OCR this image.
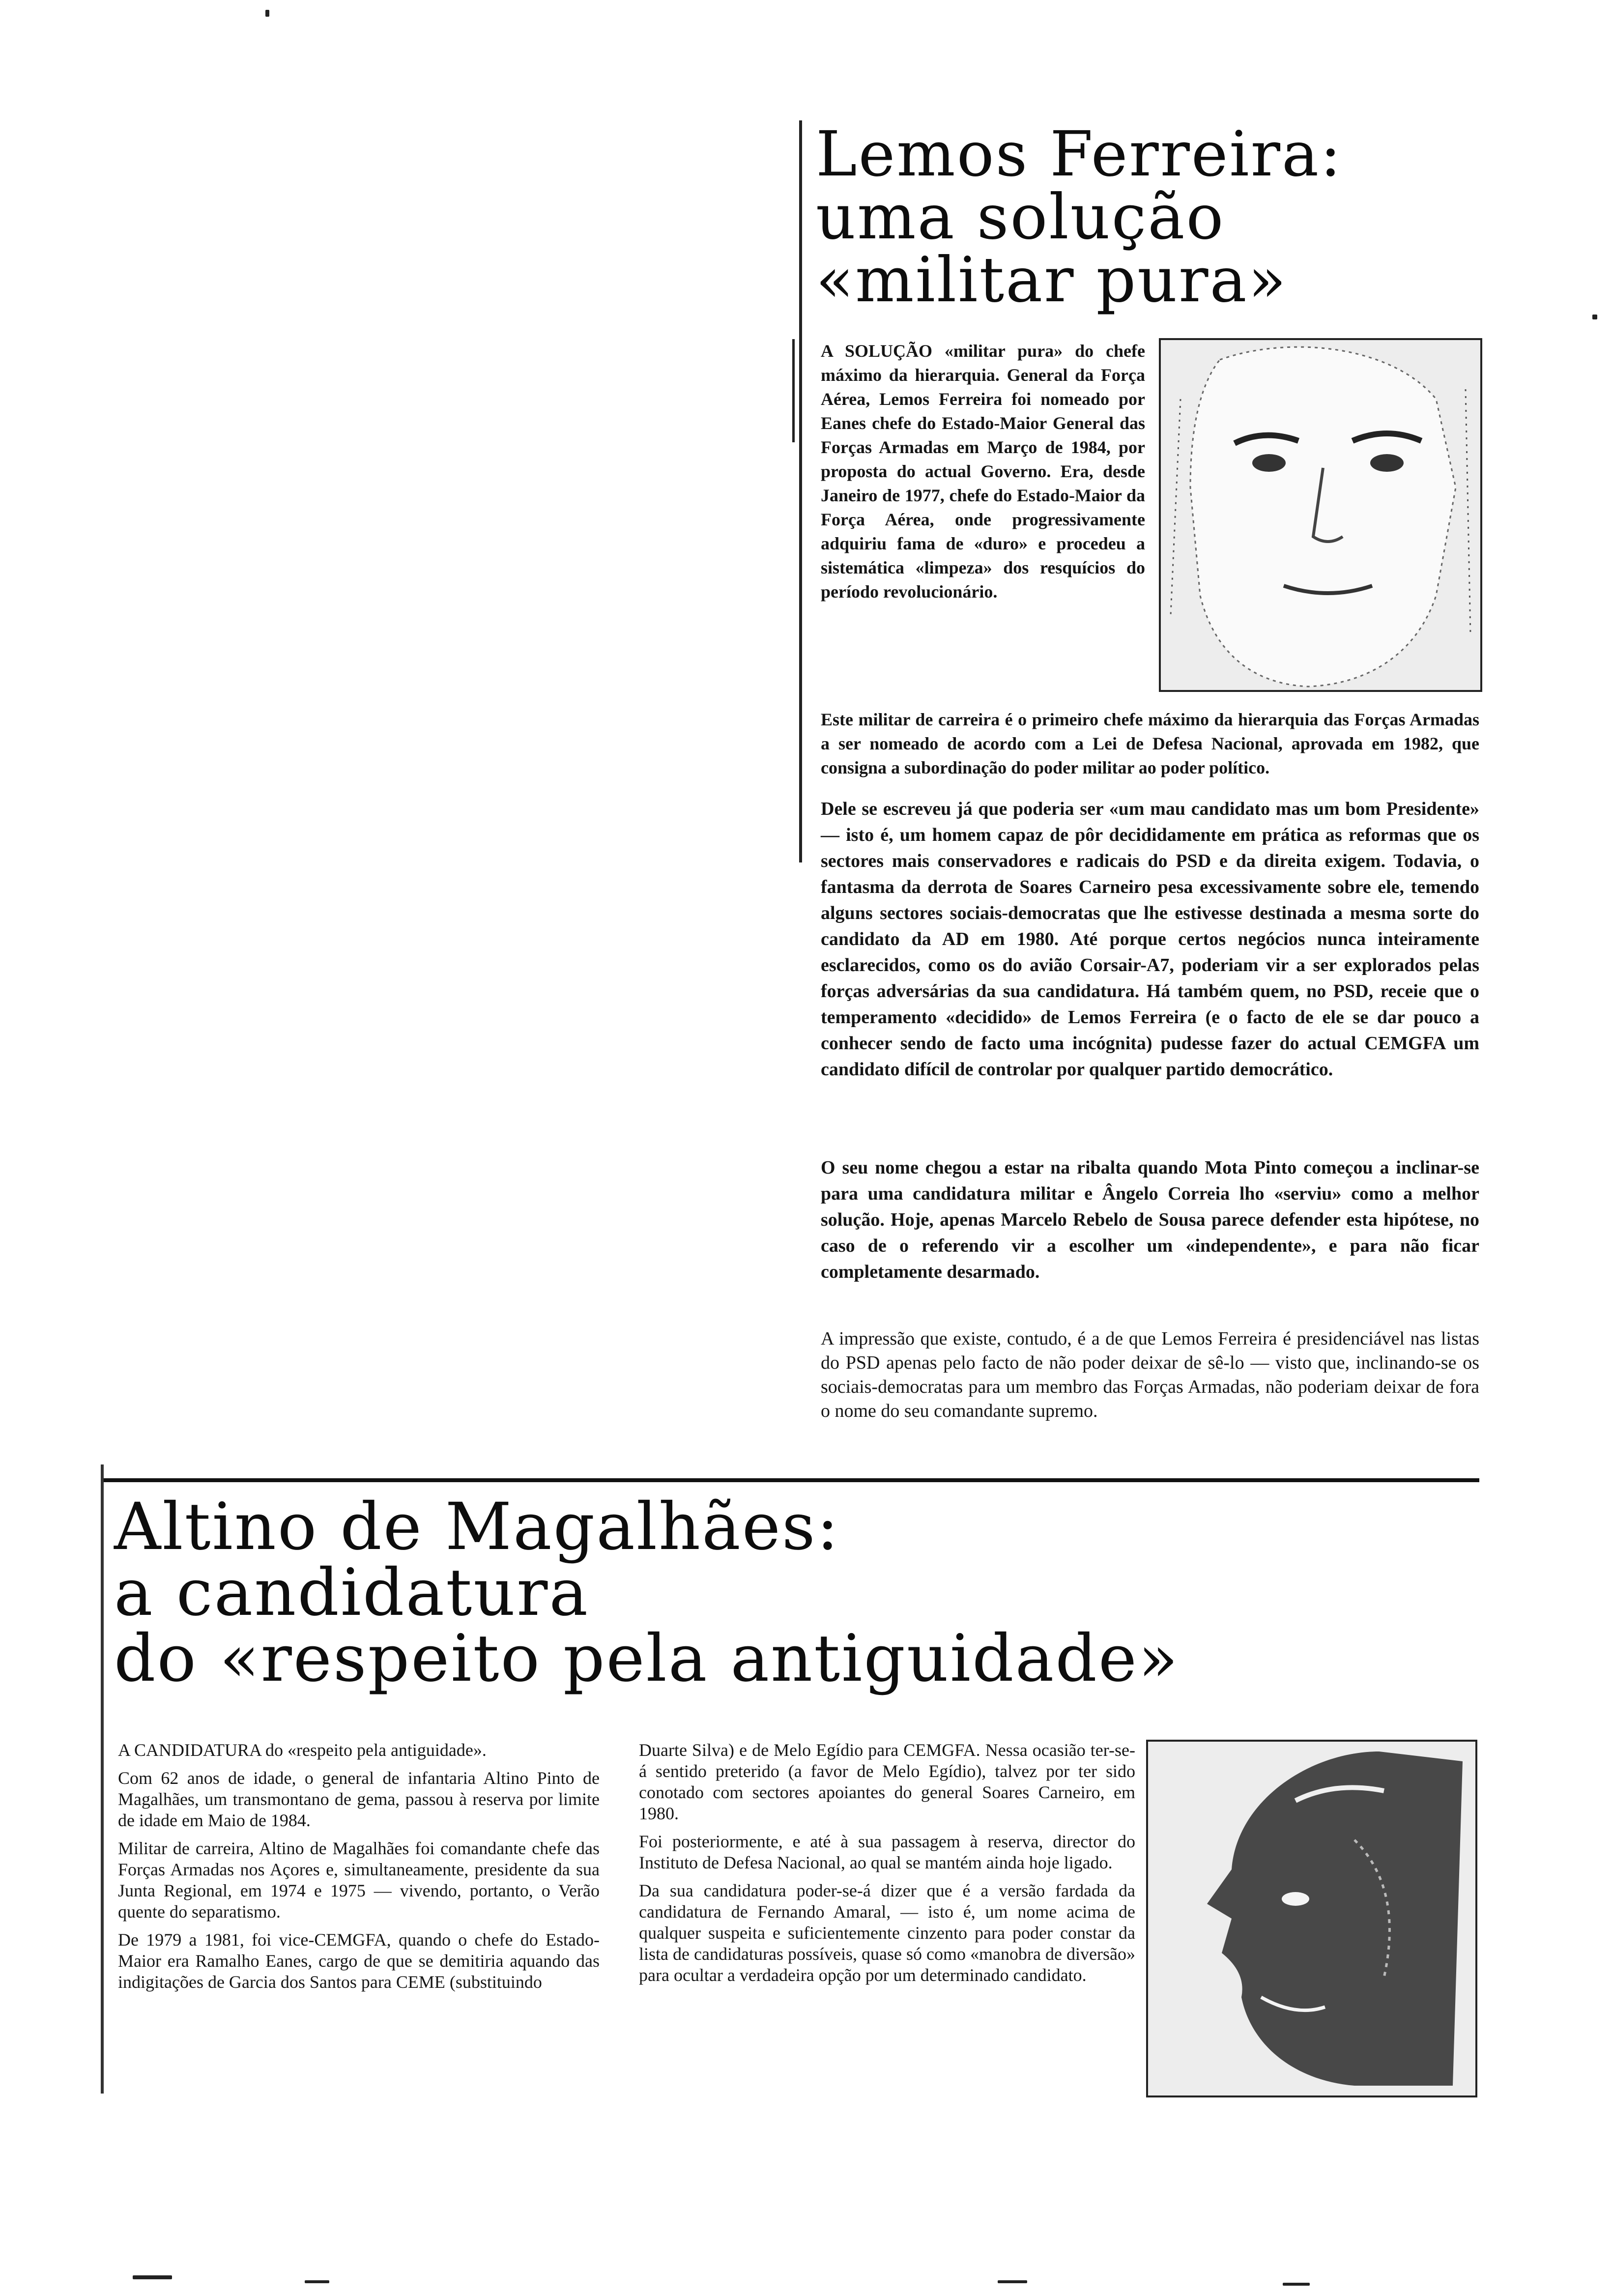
Lemos Ferreira:
uma solução
«militar pura»

A SOLUÇÃO «militar pura» do chefe máximo da hierarquia. General da Força Aérea, Lemos Ferreira foi nomeado por Eanes chefe do Estado-Maior General das Forças Armadas em Março de 1984, por proposta do actual Governo. Era, desde Janeiro de 1977, chefe do Estado-Maior da Força Aérea, onde progressivamente adquiriu fama de «duro» e procedeu a sistemática «limpeza» dos resquícios do período revolucionário.

Este militar de carreira é o primeiro chefe máximo da hierarquia das Forças Armadas a ser nomeado de acordo com a Lei de Defesa Nacional, aprovada em 1982, que consigna a subordinação do poder militar ao poder político.

Dele se escreveu já que poderia ser «um mau candidato mas um bom Presidente» — isto é, um homem capaz de pôr decididamente em prática as reformas que os sectores mais conservadores e radicais do PSD e da direita exigem. Todavia, o fantasma da derrota de Soares Carneiro pesa excessivamente sobre ele, temendo alguns sectores sociais-democratas que lhe estivesse destinada a mesma sorte do candidato da AD em 1980. Até porque certos negócios nunca inteiramente esclarecidos, como os do avião Corsair-A7, poderiam vir a ser explorados pelas forças adversárias da sua candidatura. Há também quem, no PSD, receie que o temperamento «decidido» de Lemos Ferreira (e o facto de ele se dar pouco a conhecer sendo de facto uma incógnita) pudesse fazer do actual CEMGFA um candidato difícil de controlar por qualquer partido democrático.

O seu nome chegou a estar na ribalta quando Mota Pinto começou a inclinar-se para uma candidatura militar e Ângelo Correia lho «serviu» como a melhor solução. Hoje, apenas Marcelo Rebelo de Sousa parece defender esta hipótese, no caso de o referendo vir a escolher um «independente», e para não ficar completamente desarmado.

A impressão que existe, contudo, é a de que Lemos Ferreira é presidenciável nas listas do PSD apenas pelo facto de não poder deixar de sê-lo — visto que, inclinando-se os sociais-democratas para um membro das Forças Armadas, não poderiam deixar de fora o nome do seu comandante supremo.

Altino de Magalhães:
a candidatura
do «respeito pela antiguidade»

A CANDIDATURA do «respeito pela antiguidade».

Com 62 anos de idade, o general de infantaria Altino Pinto de Magalhães, um transmontano de gema, passou à reserva por limite de idade em Maio de 1984.

Militar de carreira, Altino de Magalhães foi comandante chefe das Forças Armadas nos Açores e, simultaneamente, presidente da sua Junta Regional, em 1974 e 1975 — vivendo, portanto, o Verão quente do separatismo.

De 1979 a 1981, foi vice-CEMGFA, quando o chefe do Estado-Maior era Ramalho Eanes, cargo de que se demitiria aquando das indigitações de Garcia dos Santos para CEME (substituindo

Duarte Silva) e de Melo Egídio para CEMGFA. Nessa ocasião ter-se-á sentido preterido (a favor de Melo Egídio), talvez por ter sido conotado com sectores apoiantes do general Soares Carneiro, em 1980.

Foi posteriormente, e até à sua passagem à reserva, director do Instituto de Defesa Nacional, ao qual se mantém ainda hoje ligado.

Da sua candidatura poder-se-á dizer que é a versão fardada da candidatura de Fernando Amaral, — isto é, um nome acima de qualquer suspeita e suficientemente cinzento para poder constar da lista de candidaturas possíveis, quase só como «manobra de diversão» para ocultar a verdadeira opção por um determinado candidato.
